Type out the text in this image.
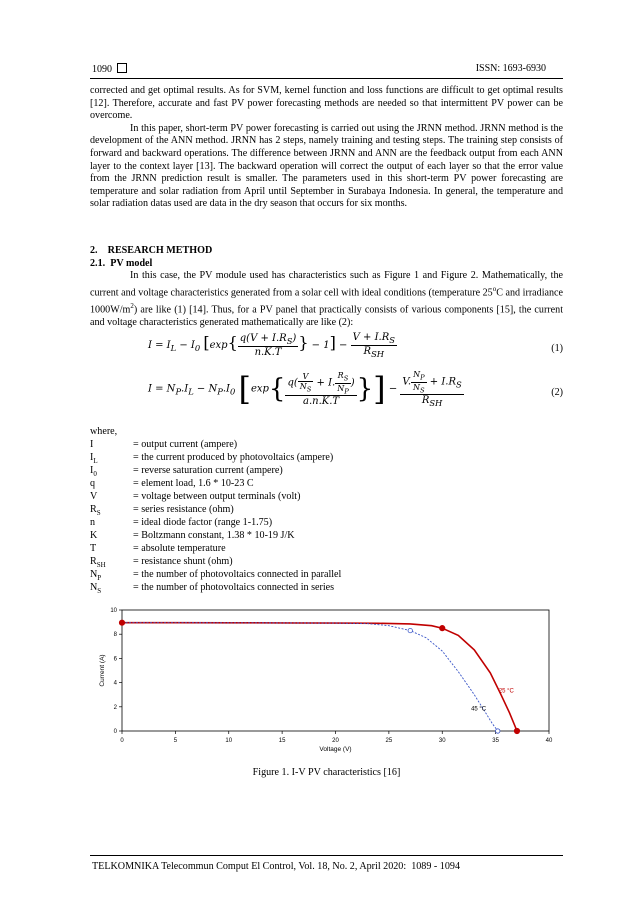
1090	ISSN: 1693-6930

corrected and get optimal results. As for SVM, kernel function and loss functions are difficult to get optimal results [12]. Therefore, accurate and fast PV power forecasting methods are needed so that intermittent PV power can be overcome.

In this paper, short-term PV power forecasting is carried out using the JRNN method. JRNN method is the development of the ANN method. JRNN has 2 steps, namely training and testing steps. The training step consists of forward and backward operations. The difference between JRNN and ANN are the feedback output from each ANN layer to the context layer [13]. The backward operation will correct the output of each layer so that the error value from the JRNN prediction result is smaller. The parameters used in this short-term PV power forecasting are temperature and solar radiation from April until September in Surabaya Indonesia. In general, the temperature and solar radiation datas used are data in the dry season that occurs for six months.

2.    RESEARCH METHOD

2.1.  PV model

In this case, the PV module used has characteristics such as Figure 1 and Figure 2. Mathematically, the current and voltage characteristics generated from a solar cell with ideal conditions (temperature 25$^o$C and irradiance $1000W/m^2$) are like (1) [14]. Thus, for a PV panel that practically consists of various components [15], the current and voltage characteristics generated mathematically are like (2):

$I = I_L - I_0$ [$\exp\{ \frac{q(V + I.R_S)}{n.K.T}$ } − $1] - \frac{V + I.R_S}{R_{SH}}$	(1)
$I = N_P.I_L - N_P.I_0$ [$\exp\{ \frac{q( \frac{V}{N_S} + I. \frac{R_S}{N_P} )}{a.n.K.T}$ }] − $\frac{V. \frac{N_P}{N_S} + I.R_S}{R_{SH}}$	(2)
where,
I	= output current (ampere)
$I_L$	= the current produced by photovoltaics (ampere)
$I_0$	= reverse saturation current (ampere)
q	= element load, 1.6 * 10-23 C
V	= voltage between output terminals (volt)
$R_S$	= series resistance (ohm)
n	= ideal diode factor (range 1-1.75)
K	= Boltzmann constant, 1.38 * 10-19 J/K
T	= absolute temperature
$R_{SH}$	= resistance shunt (ohm)
$N_P$	= the number of photovoltaics connected in parallel
$N_S$	= the number of photovoltaics connected in series
0	5	10	15	20	25	30	35	40
0
2
4
6
8
10
Voltage (V)
Current (A)
25 °C
45 °C
Figure 1. I-V PV characteristics [16]
TELKOMNIKA Telecommun Comput El Control, Vol. 18, No. 2, April 2020:  1089 - 1094
